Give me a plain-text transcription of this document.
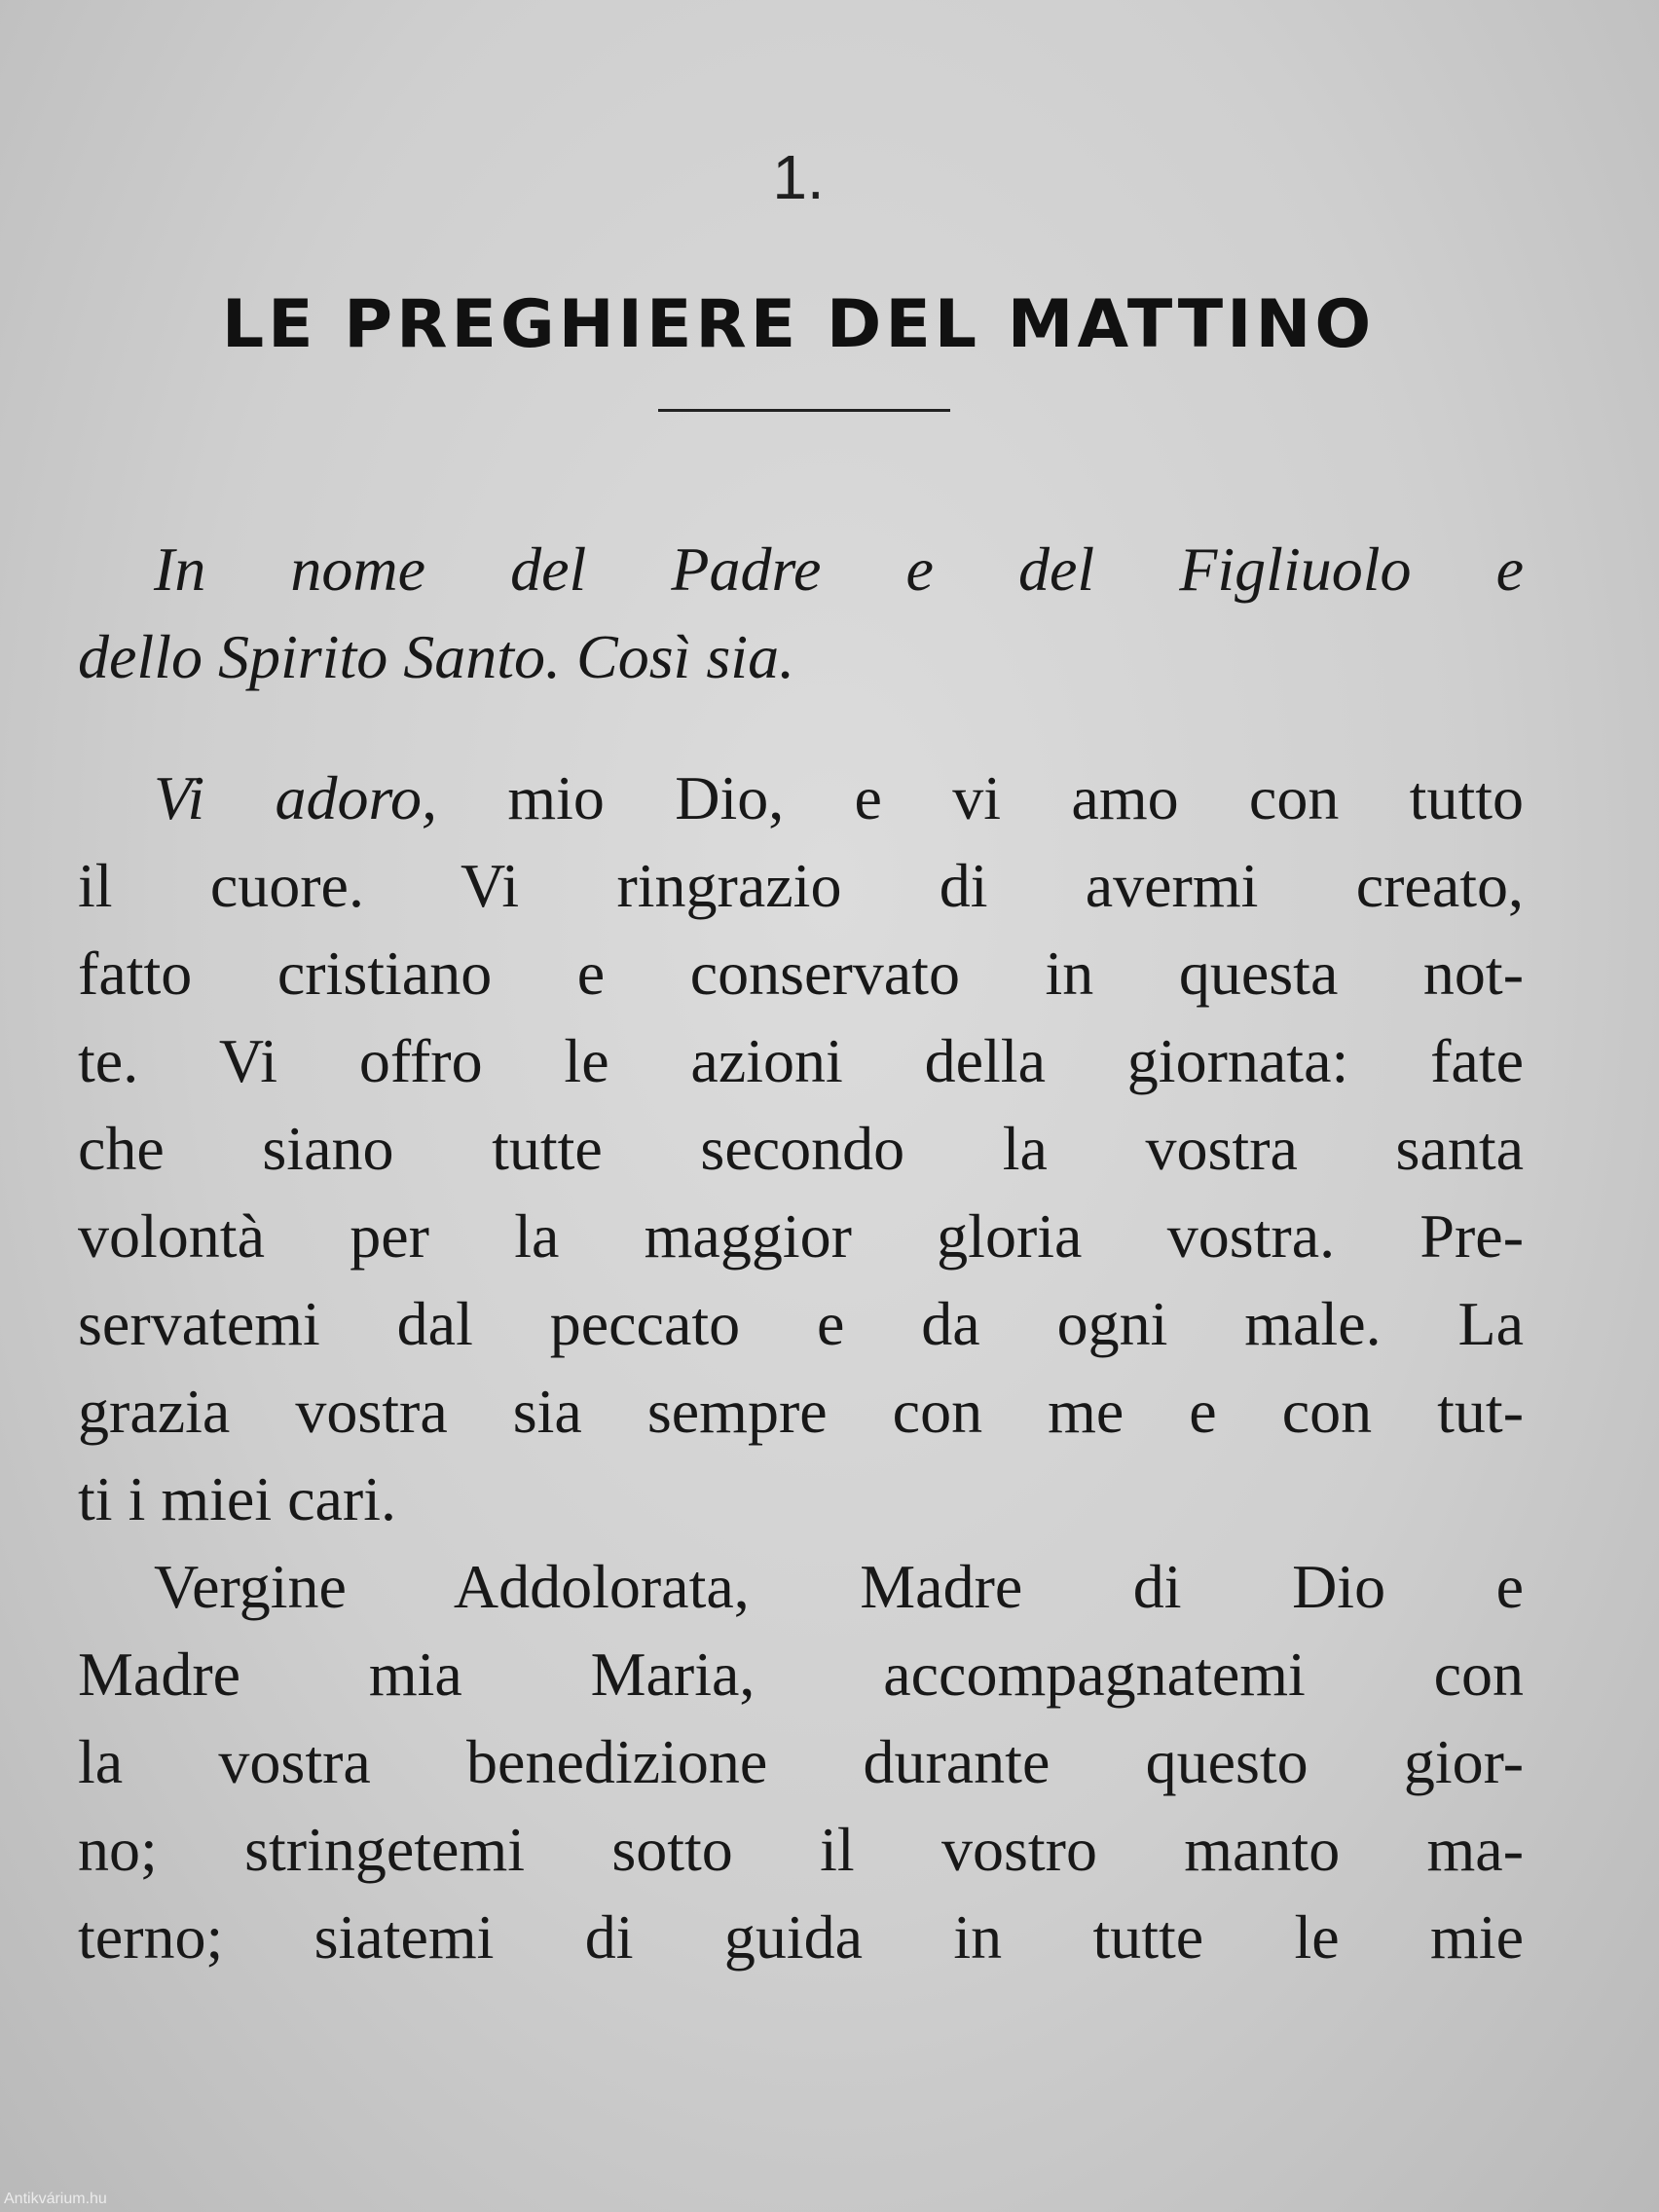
1.
LE PREGHIERE DEL MATTINO
In nome del Padre e del Figliuolo e
dello Spirito Santo. Così sia.
Vi adoro, mio Dio, e vi amo con tutto
il cuore. Vi ringrazio di avermi creato,
fatto cristiano e conservato in questa not-
te. Vi offro le azioni della giornata: fate
che siano tutte secondo la vostra santa
volontà per la maggior gloria vostra. Pre-
servatemi dal peccato e da ogni male. La
grazia vostra sia sempre con me e con tut-
ti i miei cari.
Vergine Addolorata, Madre di Dio e
Madre mia Maria, accompagnatemi con
la vostra benedizione durante questo gior-
no; stringetemi sotto il vostro manto ma-
terno; siatemi di guida in tutte le mie
Antikvárium.hu
